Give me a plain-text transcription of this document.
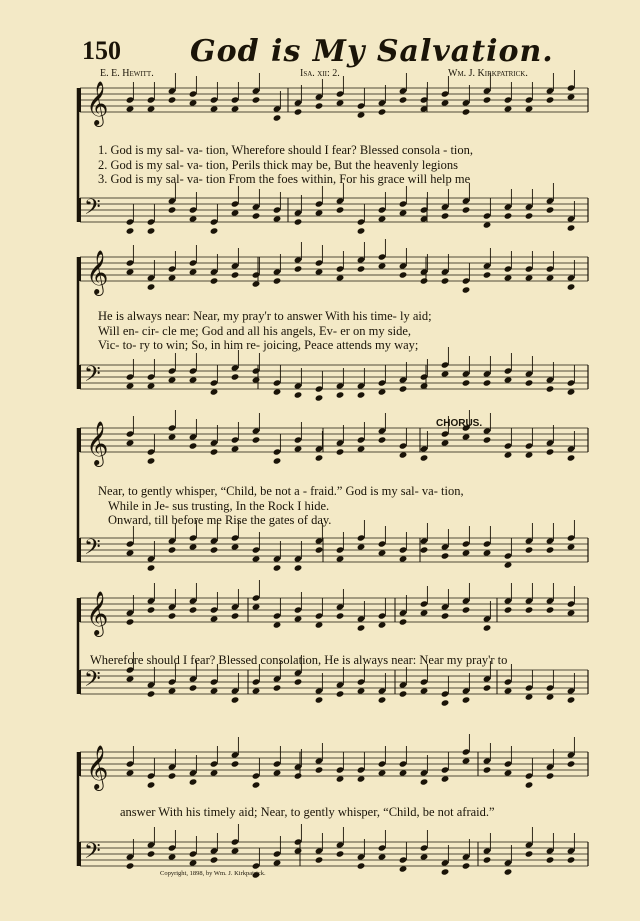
150 God is My Salvation.
E. E. Hewitt.	Isa. xii: 2.	Wm. J. Kirkpatrick.
𝄞
𝄢
𝄞
𝄢
𝄞
𝄢
𝄞
𝄢
𝄞
𝄢
1. God is my sal- va- tion, Wherefore should I fear? Blessed consola - tion,
2. God is my sal- va- tion, Perils thick may be, But the heavenly legions
3. God is my sal- va- tion From the foes within, For his grace will help me
He is always near: Near, my pray'r to answer With his time- ly aid;
Will en- cir- cle me; God and all his angels, Ev- er on my side,
Vic- to- ry to win; So, in him re- joicing, Peace attends my way;
CHORUS.
Near, to gently whisper, “Child, be not a - fraid.” God is my sal- va- tion,
While in Je- sus trusting, In the Rock I hide.
Onward, till before me Rise the gates of day.
Wherefore should I fear? Blessed consolation, He is always near: Near my pray'r to
answer With his timely aid; Near, to gently whisper, “Child, be not afraid.”
Copyright, 1898, by Wm. J. Kirkpatrick.
